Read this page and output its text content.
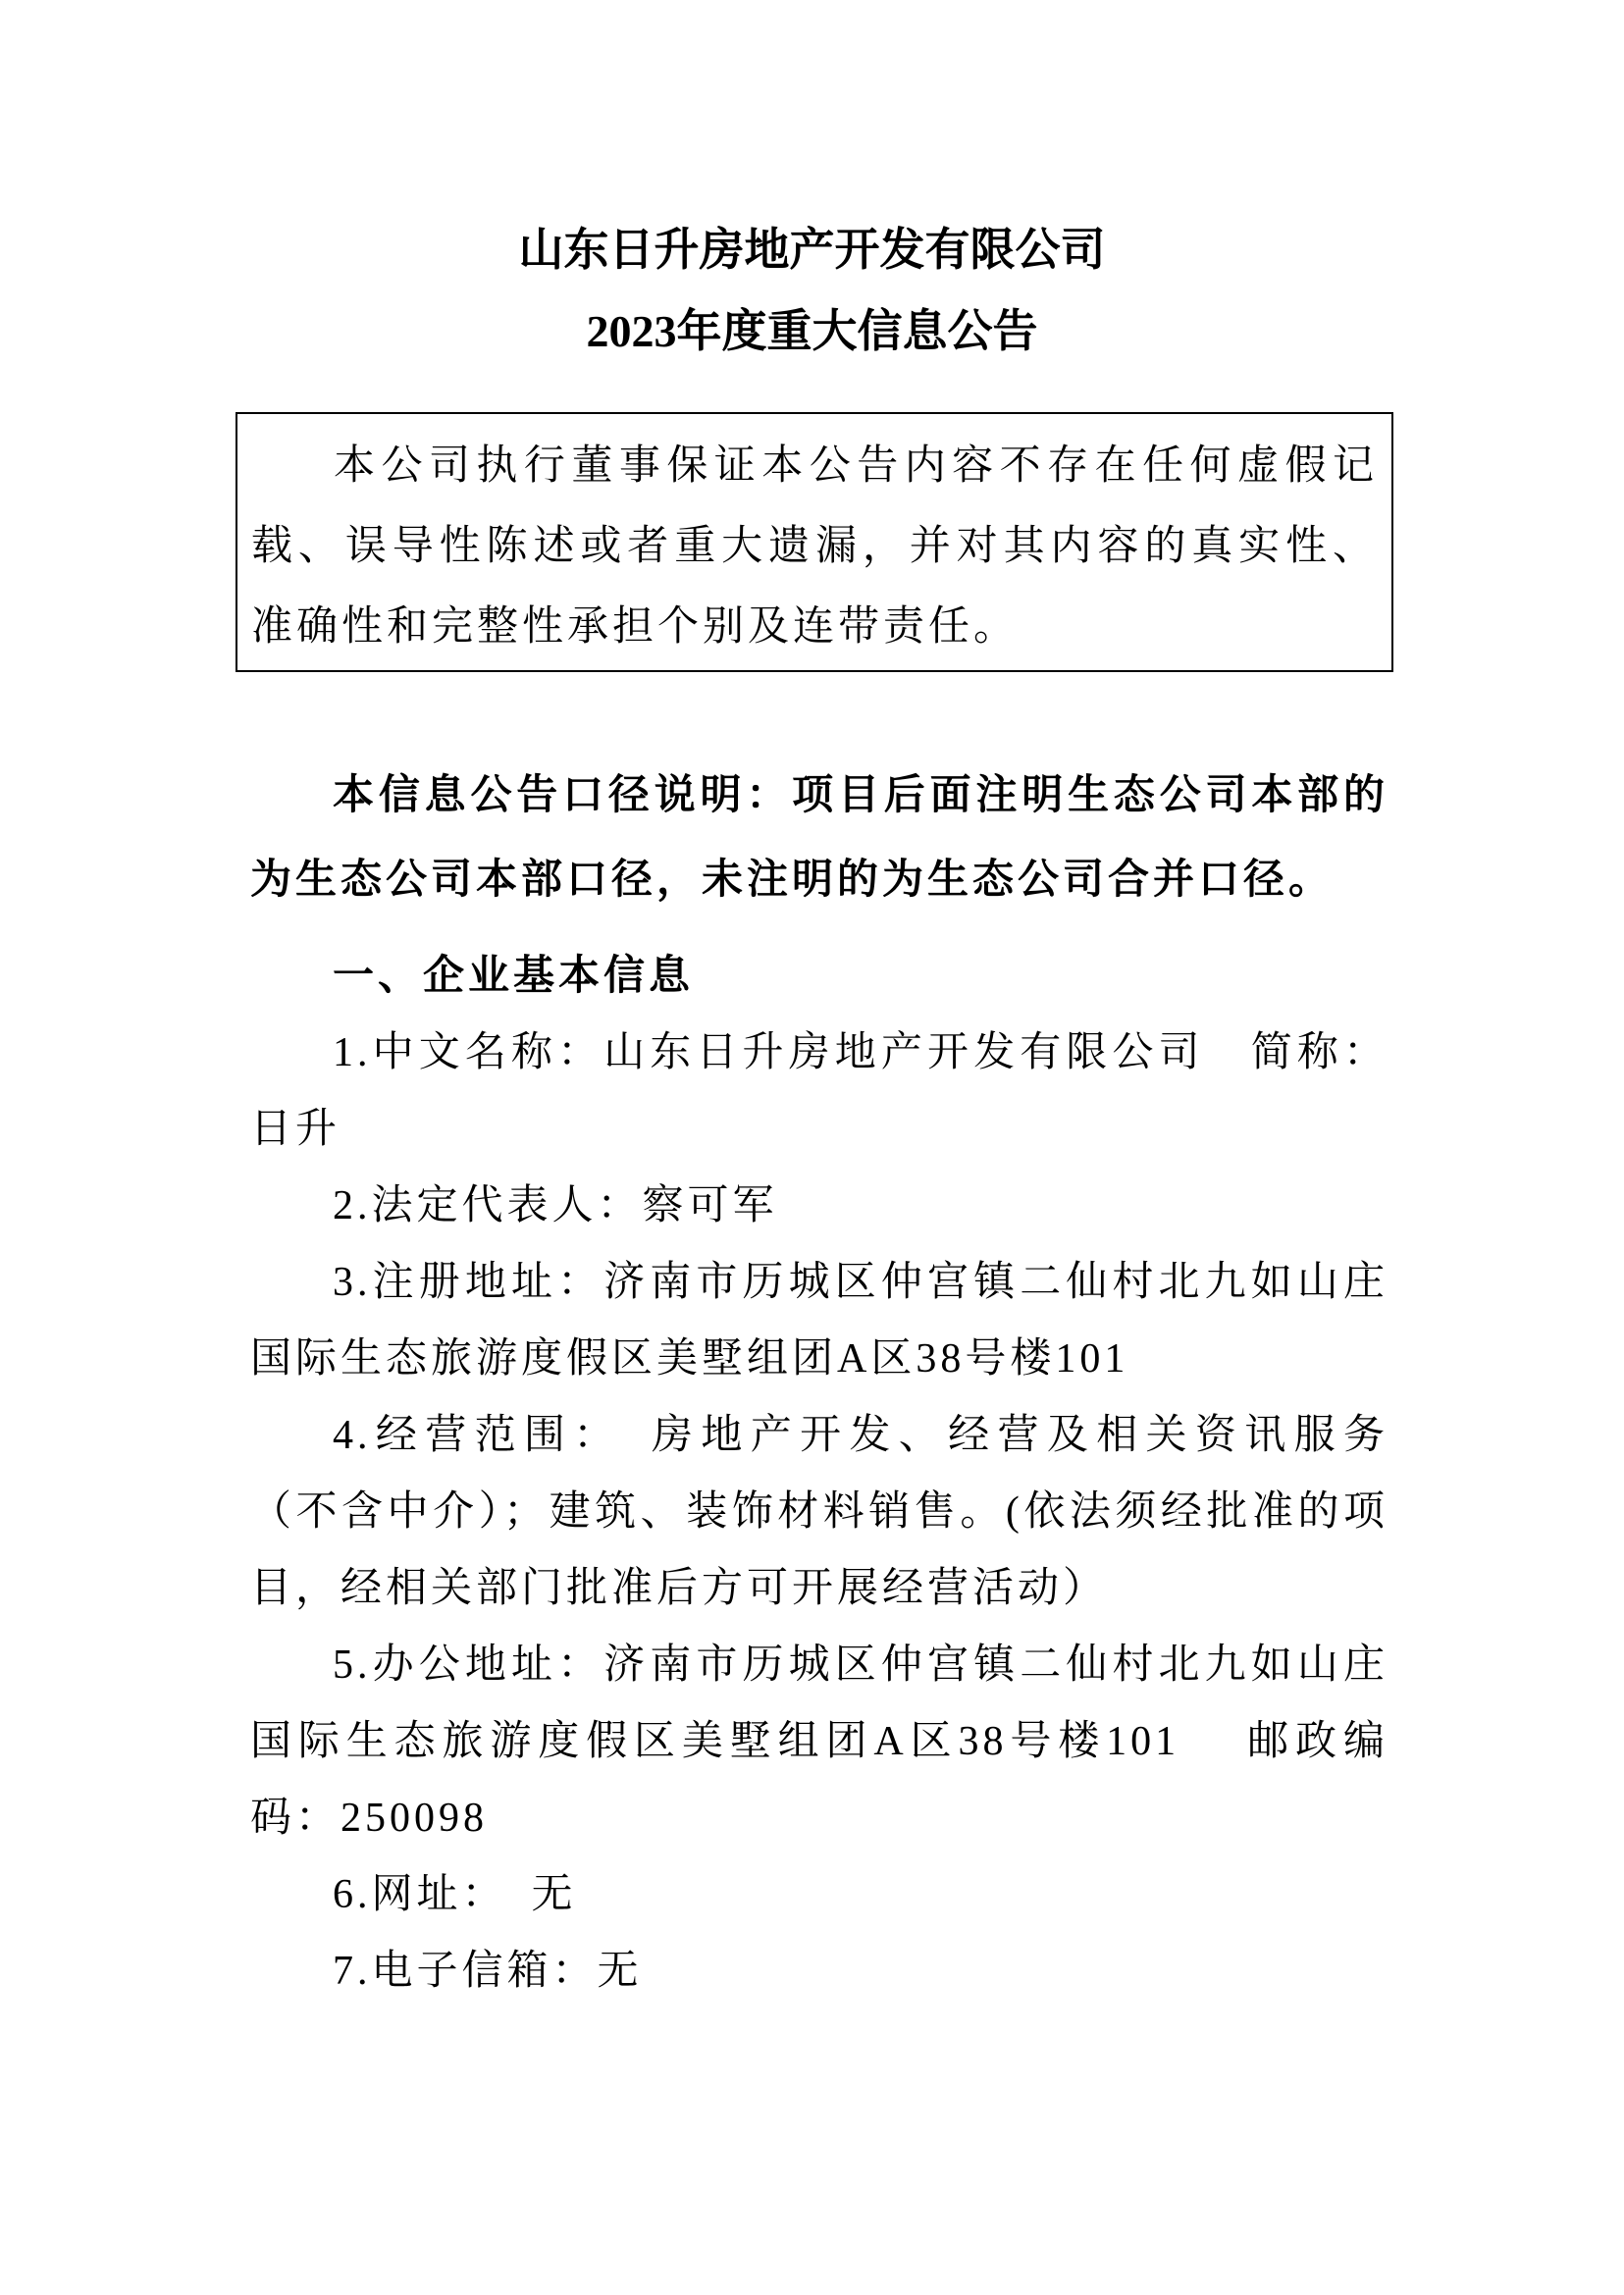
山东日升房地产开发有限公司
2023年度重大信息公告

本公司执行董事保证本公告内容不存在任何虚假记载、误导性陈述或者重大遗漏，并对其内容的真实性、准确性和完整性承担个别及连带责任。

本信息公告口径说明：项目后面注明生态公司本部的为生态公司本部口径，未注明的为生态公司合并口径。

一、企业基本信息

1.中文名称：山东日升房地产开发有限公司　简称：日升

2.法定代表人：察可军

3.注册地址：济南市历城区仲宫镇二仙村北九如山庄国际生态旅游度假区美墅组团A区38号楼101

4.经营范围：　房地产开发、经营及相关资讯服务（不含中介）；建筑、装饰材料销售。(依法须经批准的项目，经相关部门批准后方可开展经营活动）

5.办公地址：济南市历城区仲宫镇二仙村北九如山庄国际生态旅游度假区美墅组团A区38号楼101　 邮政编码：250098

6.网址：　无

7.电子信箱：无
